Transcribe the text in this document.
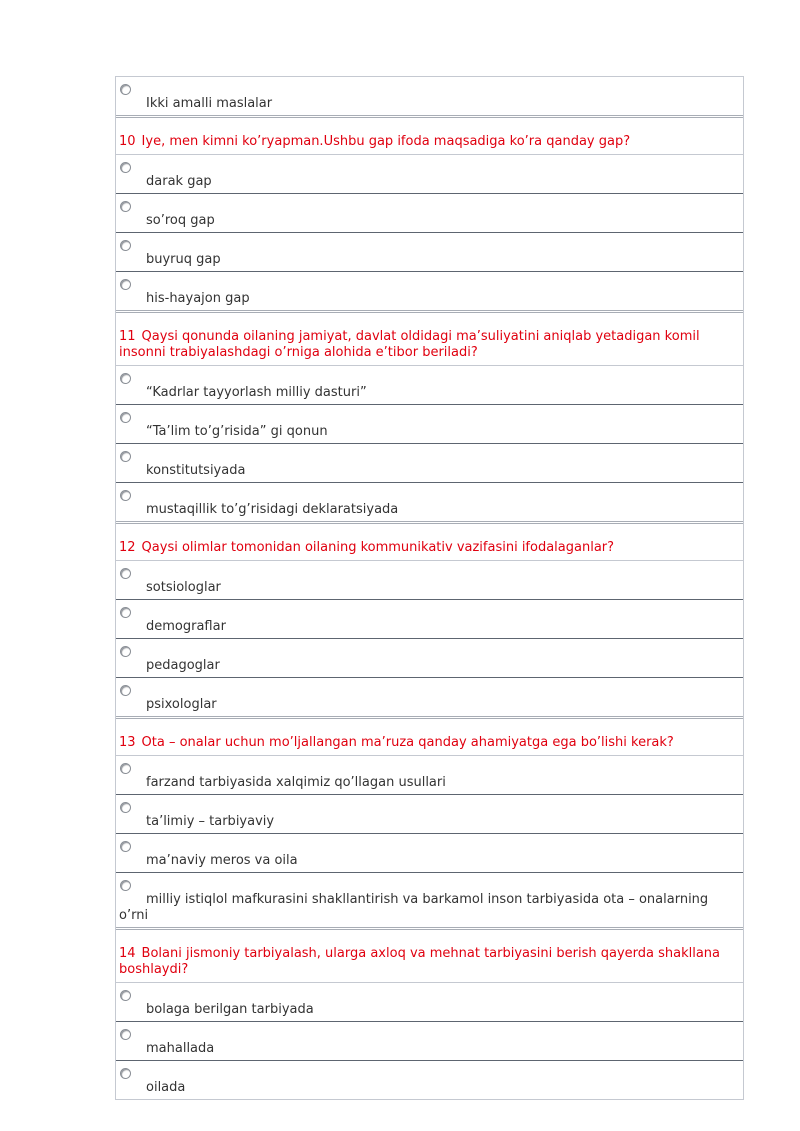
Ikki amalli maslalar
10 Iye, men kimni ko’ryapman.Ushbu gap ifoda maqsadiga ko’ra qanday gap?
darak gap
so’roq gap
buyruq gap
his-hayajon gap
11 Qaysi qonunda oilaning jamiyat, davlat oldidagi ma’suliyatini aniqlab yetadigan komil insonni trabiyalashdagi o’rniga alohida e’tibor beriladi?
“Kadrlar tayyorlash milliy dasturi”
“Ta’lim to’g’risida” gi qonun
konstitutsiyada
mustaqillik to’g’risidagi deklaratsiyada
12 Qaysi olimlar tomonidan oilaning kommunikativ vazifasini ifodalaganlar?
sotsiologlar
demograflar
pedagoglar
psixologlar
13 Ota – onalar uchun mo’ljallangan ma’ruza qanday ahamiyatga ega bo’lishi kerak?
farzand tarbiyasida xalqimiz qo’llagan usullari
ta’limiy – tarbiyaviy
ma’naviy meros va oila
milliy istiqlol mafkurasini shakllantirish va barkamol inson tarbiyasida ota – onalarning o’rni
14 Bolani jismoniy tarbiyalash, ularga axloq va mehnat tarbiyasini berish qayerda shakllana boshlaydi?
bolaga berilgan tarbiyada
mahallada
oilada
